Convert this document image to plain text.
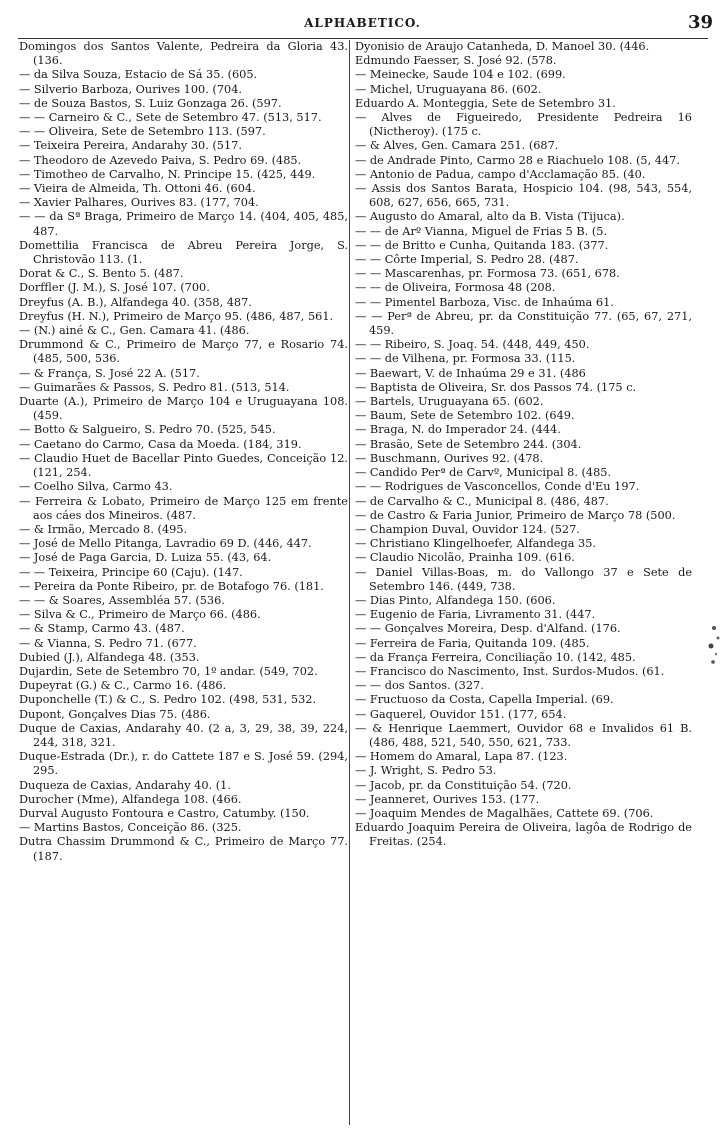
ALPHABETICO.	39

Domingos dos Santos Valente, Pedreira da Gloria 43. (136.

— da Silva Souza, Estacio de Sá 35. (605.

— Silverio Barboza, Ourives 100. (704.

— de Souza Bastos, S. Luiz Gonzaga 26. (597.

— — Carneiro & C., Sete de Setembro 47. (513, 517.

— — Oliveira, Sete de Setembro 113. (597.

— Teixeira Pereira, Andarahy 30. (517.

— Theodoro de Azevedo Paiva, S. Pedro 69. (485.

— Timotheo de Carvalho, N. Principe 15. (425, 449.

— Vieira de Almeida, Th. Ottoni 46. (604.

— Xavier Palhares, Ourives 83. (177, 704.

— — da Sª Braga, Primeiro de Março 14. (404, 405, 485, 487.

Domettilia Francisca de Abreu Pereira Jorge, S. Christovão 113. (1.

Dorat & C., S. Bento 5. (487.

Dorffler (J. M.), S. José 107. (700.

Dreyfus (A. B.), Alfandega 40. (358, 487.

Dreyfus (H. N.), Primeiro de Março 95. (486, 487, 561.

— (N.) ainé & C., Gen. Camara 41. (486.

Drummond & C., Primeiro de Março 77, e Rosario 74. (485, 500, 536.

— & França, S. José 22 A. (517.

— Guimarães & Passos, S. Pedro 81. (513, 514.

Duarte (A.), Primeiro de Março 104 e Uruguayana 108. (459.

— Botto & Salgueiro, S. Pedro 70. (525, 545.

— Caetano do Carmo, Casa da Moeda. (184, 319.

— Claudio Huet de Bacellar Pinto Guedes, Conceição 12. (121, 254.

— Coelho Silva, Carmo 43.

— Ferreira & Lobato, Primeiro de Março 125 em frente aos cáes dos Mineiros. (487.

— & Irmão, Mercado 8. (495.

— José de Mello Pitanga, Lavradio 69 D. (446, 447.

— José de Paga Garcia, D. Luiza 55. (43, 64.

— — Teixeira, Principe 60 (Caju). (147.

— Pereira da Ponte Ribeiro, pr. de Botafogo 76. (181.

— — & Soares, Assembléa 57. (536.

— Silva & C., Primeiro de Março 66. (486.

— & Stamp, Carmo 43. (487.

— & Vianna, S. Pedro 71. (677.

Dubied (J.), Alfandega 48. (353.

Dujardin, Sete de Setembro 70, 1º andar. (549, 702.

Dupeyrat (G.) & C., Carmo 16. (486.

Duponchelle (T.) & C., S. Pedro 102. (498, 531, 532.

Dupont, Gonçalves Dias 75. (486.

Duque de Caxias, Andarahy 40. (2 a, 3, 29, 38, 39, 224, 244, 318, 321.

Duque-Estrada (Dr.), r. do Cattete 187 e S. José 59. (294, 295.

Duqueza de Caxias, Andarahy 40. (1.

Durocher (Mme), Alfandega 108. (466.

Durval Augusto Fontoura e Castro, Catumby. (150.

— Martins Bastos, Conceição 86. (325.

Dutra Chassim Drummond & C., Primeiro de Março 77. (187.

Dyonisio de Araujo Catanheda, D. Manoel 30. (446.

Edmundo Faesser, S. José 92. (578.

— Meinecke, Saude 104 e 102. (699.

— Michel, Uruguayana 86. (602.

Eduardo A. Monteggia, Sete de Setembro 31.

— Alves de Figueiredo, Presidente Pedreira 16 (Nictheroy). (175 c.

— & Alves, Gen. Camara 251. (687.

— de Andrade Pinto, Carmo 28 e Riachuelo 108. (5, 447.

— Antonio de Padua, campo d'Acclamação 85. (40.

— Assis dos Santos Barata, Hospicio 104. (98, 543, 554, 608, 627, 656, 665, 731.

— Augusto do Amaral, alto da B. Vista (Tijuca).

— — de Arº Vianna, Miguel de Frias 5 B. (5.

— — de Britto e Cunha, Quitanda 183. (377.

— — Côrte Imperial, S. Pedro 28. (487.

— — Mascarenhas, pr. Formosa 73. (651, 678.

— — de Oliveira, Formosa 48 (208.

— — Pimentel Barboza, Visc. de Inhaúma 61.

— — Perª de Abreu, pr. da Constituição 77. (65, 67, 271, 459.

— — Ribeiro, S. Joaq. 54. (448, 449, 450.

— — de Vilhena, pr. Formosa 33. (115.

— Baewart, V. de Inhaúma 29 e 31. (486

— Baptista de Oliveira, Sr. dos Passos 74. (175 c.

— Bartels, Uruguayana 65. (602.

— Baum, Sete de Setembro 102. (649.

— Braga, N. do Imperador 24. (444.

— Brasão, Sete de Setembro 244. (304.

— Buschmann, Ourives 92. (478.

— Candido Perª de Carvº, Municipal 8. (485.

— — Rodrigues de Vasconcellos, Conde d'Eu 197.

— de Carvalho & C., Municipal 8. (486, 487.

— de Castro & Faria Junior, Primeiro de Março 78 (500.

— Champion Duval, Ouvidor 124. (527.

— Christiano Klingelhoefer, Alfandega 35.

— Claudio Nicolão, Prainha 109. (616.

— Daniel Villas-Boas, m. do Vallongo 37 e Sete de Setembro 146. (449, 738.

— Dias Pinto, Alfandega 150. (606.

— Eugenio de Faria, Livramento 31. (447.

— — Gonçalves Moreira, Desp. d'Alfand. (176.

— Ferreira de Faria, Quitanda 109. (485.

— da França Ferreira, Conciliação 10. (142, 485.

— Francisco do Nascimento, Inst. Surdos-Mudos. (61.

— — dos Santos. (327.

— Fructuoso da Costa, Capella Imperial. (69.

— Gaquerel, Ouvidor 151. (177, 654.

— & Henrique Laemmert, Ouvidor 68 e Invalidos 61 B. (486, 488, 521, 540, 550, 621, 733.

— Homem do Amaral, Lapa 87. (123.

— J. Wright, S. Pedro 53.

— Jacob, pr. da Constituição 54. (720.

— Jeanneret, Ourives 153. (177.

— Joaquim Mendes de Magalhães, Cattete 69. (706.

Eduardo Joaquim Pereira de Oliveira, lagôa de Rodrigo de Freitas. (254.
